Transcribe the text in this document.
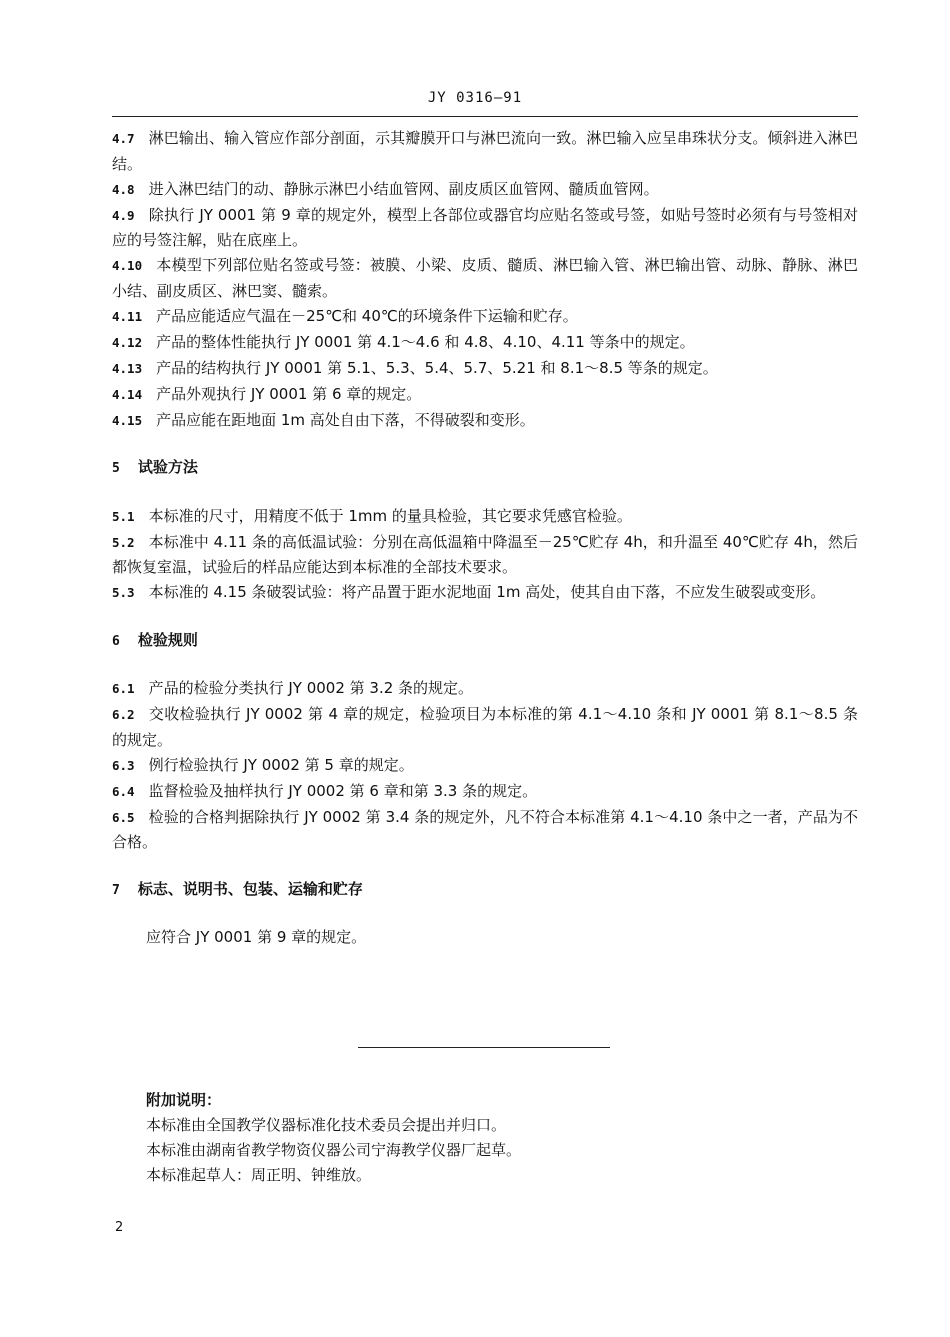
JY 0316—91

4.7 淋巴输出、输入管应作部分剖面，示其瓣膜开口与淋巴流向一致。淋巴输入应呈串珠状分支。倾斜进入淋巴结。

4.8 进入淋巴结门的动、静脉示淋巴小结血管网、副皮质区血管网、髓质血管网。

4.9 除执行 JY 0001 第 9 章的规定外，模型上各部位或器官均应贴名签或号签，如贴号签时必须有与号签相对应的号签注解，贴在底座上。

4.10 本模型下列部位贴名签或号签：被膜、小梁、皮质、髓质、淋巴输入管、淋巴输出管、动脉、静脉、淋巴小结、副皮质区、淋巴窦、髓索。

4.11 产品应能适应气温在－25℃和 40℃的环境条件下运输和贮存。

4.12 产品的整体性能执行 JY 0001 第 4.1～4.6 和 4.8、4.10、4.11 等条中的规定。

4.13 产品的结构执行 JY 0001 第 5.1、5.3、5.4、5.7、5.21 和 8.1～8.5 等条的规定。

4.14 产品外观执行 JY 0001 第 6 章的规定。

4.15 产品应能在距地面 1m 高处自由下落，不得破裂和变形。

5 试验方法

5.1 本标准的尺寸，用精度不低于 1mm 的量具检验，其它要求凭感官检验。

5.2 本标准中 4.11 条的高低温试验：分别在高低温箱中降温至－25℃贮存 4h，和升温至 40℃贮存 4h，然后都恢复室温，试验后的样品应能达到本标准的全部技术要求。

5.3 本标准的 4.15 条破裂试验：将产品置于距水泥地面 1m 高处，使其自由下落，不应发生破裂或变形。

6 检验规则

6.1 产品的检验分类执行 JY 0002 第 3.2 条的规定。

6.2 交收检验执行 JY 0002 第 4 章的规定，检验项目为本标准的第 4.1～4.10 条和 JY 0001 第 8.1～8.5 条的规定。

6.3 例行检验执行 JY 0002 第 5 章的规定。

6.4 监督检验及抽样执行 JY 0002 第 6 章和第 3.3 条的规定。

6.5 检验的合格判据除执行 JY 0002 第 3.4 条的规定外，凡不符合本标准第 4.1～4.10 条中之一者，产品为不合格。

7 标志、说明书、包装、运输和贮存

应符合 JY 0001 第 9 章的规定。

附加说明：
本标准由全国教学仪器标准化技术委员会提出并归口。
本标准由湖南省教学物资仪器公司宁海教学仪器厂起草。
本标准起草人：周正明、钟维放。
2
